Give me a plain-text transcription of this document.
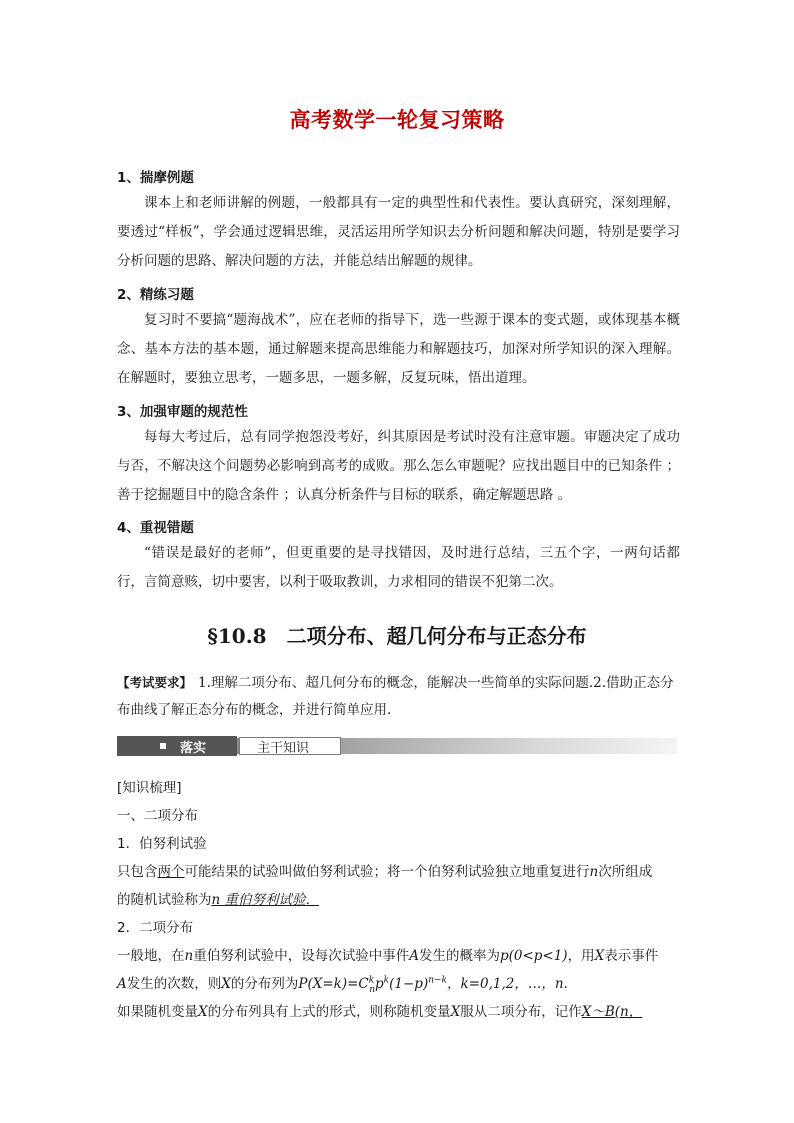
高考数学一轮复习策略
1、揣摩例题

课本上和老师讲解的例题，一般都具有一定的典型性和代表性。要认真研究，深刻理解，要透过“样板”，学会通过逻辑思维，灵活运用所学知识去分析问题和解决问题，特别是要学习分析问题的思路、解决问题的方法，并能总结出解题的规律。

2、精练习题

复习时不要搞“题海战术”，应在老师的指导下，选一些源于课本的变式题，或体现基本概念、基本方法的基本题，通过解题来提高思维能力和解题技巧，加深对所学知识的深入理解。在解题时，要独立思考，一题多思，一题多解，反复玩味，悟出道理。

3、加强审题的规范性

每每大考过后，总有同学抱怨没考好，纠其原因是考试时没有注意审题。审题决定了成功与否，不解决这个问题势必影响到高考的成败。那么怎么审题呢？应找出题目中的已知条件 ；善于挖掘题目中的隐含条件 ；认真分析条件与目标的联系，确定解题思路 。

4、重视错题

“错误是最好的老师”，但更重要的是寻找错因，及时进行总结，三五个字，一两句话都行，言简意赅，切中要害，以利于吸取教训，力求相同的错误不犯第二次。

§10.8 二项分布、超几何分布与正态分布

【考试要求】 1.理解二项分布、超几何分布的概念，能解决一些简单的实际问题.2.借助正态分布曲线了解正态分布的概念，并进行简单应用.

落实	主干知识
[知识梳理]
一、二项分布
1．伯努利试验
只包含两个可能结果的试验叫做伯努利试验；将一个伯努利试验独立地重复进行n次所组成
的随机试验称为n 重伯努利试验．
2．二项分布
一般地，在n重伯努利试验中，设每次试验中事件A发生的概率为p(0<p<1)，用X表示事件
A发生的次数，则X的分布列为$P(X=k)=C^k_np^k(1-p)^{n-k}$，k=0,1,2，…，n.
如果随机变量X的分布列具有上式的形式，则称随机变量X服从二项分布，记作X～B(n，
